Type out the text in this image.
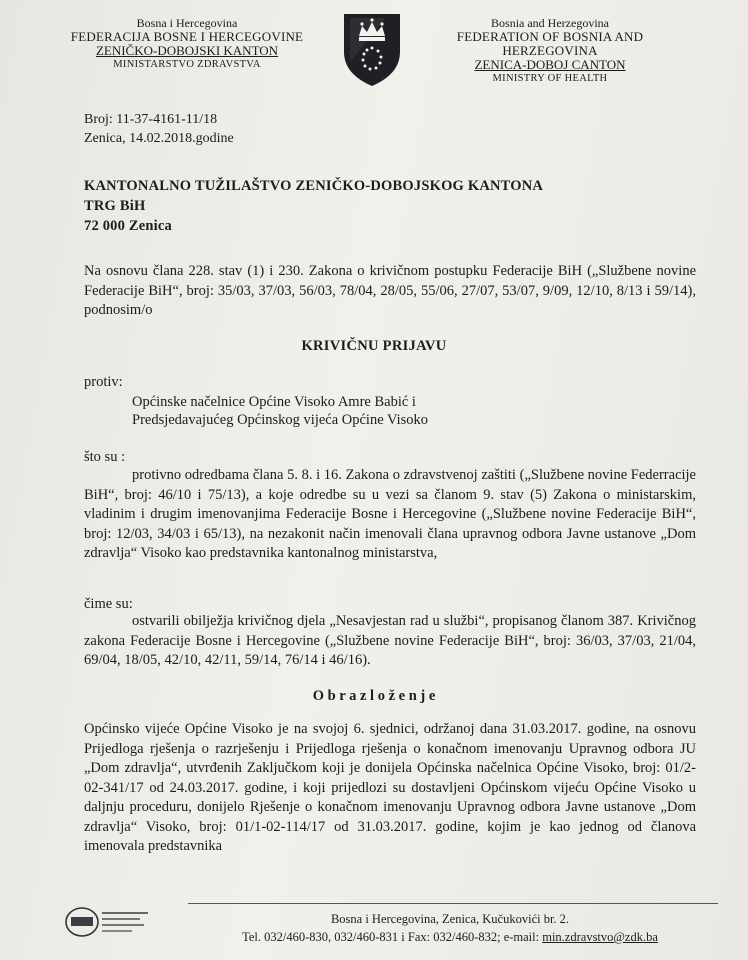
Bosna i Hercegovina
FEDERACIJA BOSNE I HERCEGOVINE
ZENIČKO-DOBOJSKI KANTON
MINISTARSTVO ZDRAVSTVA
Bosnia and Herzegovina
FEDERATION OF BOSNIA AND HERZEGOVINA
ZENICA-DOBOJ CANTON
MINISTRY OF HEALTH
Broj: 11-37-4161-11/18
Zenica, 14.02.2018.godine
KANTONALNO TUŽILAŠTVO ZENIČKO-DOBOJSKOG KANTONA
TRG BiH
72 000 Zenica
Na osnovu člana 228. stav (1) i 230. Zakona o krivičnom postupku Federacije BiH („Službene novine Federacije BiH“, broj: 35/03, 37/03, 56/03, 78/04, 28/05, 55/06, 27/07, 53/07, 9/09, 12/10, 8/13 i 59/14), podnosim/o
KRIVIČNU PRIJAVU
protiv:
Općinske načelnice Općine Visoko Amre Babić i
Predsjedavajućeg Općinskog vijeća Općine Visoko
što su :
protivno odredbama člana 5. 8. i 16. Zakona o zdravstvenoj zaštiti („Službene novine Federracije BiH“, broj: 46/10 i 75/13), a koje odredbe su u vezi sa članom 9. stav (5) Zakona o ministarskim, vladinim i drugim imenovanjima Federacije Bosne i Hercegovine („Službene novine Federacije BiH“, broj: 12/03, 34/03 i 65/13), na nezakonit način imenovali člana upravnog odbora Javne ustanove „Dom zdravlja“ Visoko kao predstavnika kantonalnog ministarstva,
čime su:
ostvarili obilježja krivičnog djela „Nesavjestan rad u službi“, propisanog članom 387. Krivičnog zakona Federacije Bosne i Hercegovine („Službene novine Federacije BiH“, broj: 36/03, 37/03, 21/04, 69/04, 18/05, 42/10, 42/11, 59/14, 76/14 i 46/16).
O b r a z l o ž e n j e
Općinsko vijeće Općine Visoko je na svojoj 6. sjednici, održanoj dana 31.03.2017. godine, na osnovu Prijedloga rješenja o razrješenju i Prijedloga rješenja o konačnom imenovanju Upravnog odbora JU „Dom zdravlja“, utvrđenih Zaključkom koji je donijela Općinska načelnica Općine Visoko, broj: 01/2-02-341/17 od 24.03.2017. godine, i koji prijedlozi su dostavljeni Općinskom vijeću Općine Visoko u daljnju proceduru, donijelo Rješenje o konačnom imenovanju Upravnog odbora Javne ustanove „Dom zdravlja“ Visoko, broj: 01/1-02-114/17 od 31.03.2017. godine, kojim je kao jednog od članova imenovala predstavnika
Bosna i Hercegovina, Zenica, Kučukovići br. 2.
Tel. 032/460-830, 032/460-831 i Fax: 032/460-832; e-mail: min.zdravstvo@zdk.ba
